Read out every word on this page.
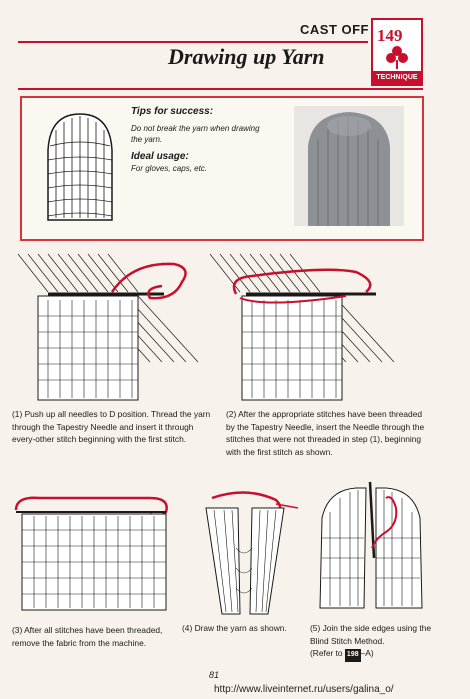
CAST OFF
Drawing up Yarn
149
TECHNIQUE
Tips for success:
Do not break the yarn when drawing the yarn.
Ideal usage:
For gloves, caps, etc.
(1) Push up all needles to D position. Thread the yarn through the Tapestry Needle and insert it through every-other stitch beginning with the first stitch.
(2) After the appropriate stitches have been threaded by the Tapestry Needle, insert the Needle through the stitches that were not threaded in step (1), beginning with the first stitch as shown.
(3) After all stitches have been threaded, remove the fabric from the machine.
(4) Draw the yarn as shown.	(5) Join the side edges using the Blind Stitch Method.
(Refer to 198 –A)
81
http://www.liveinternet.ru/users/galina_o/
